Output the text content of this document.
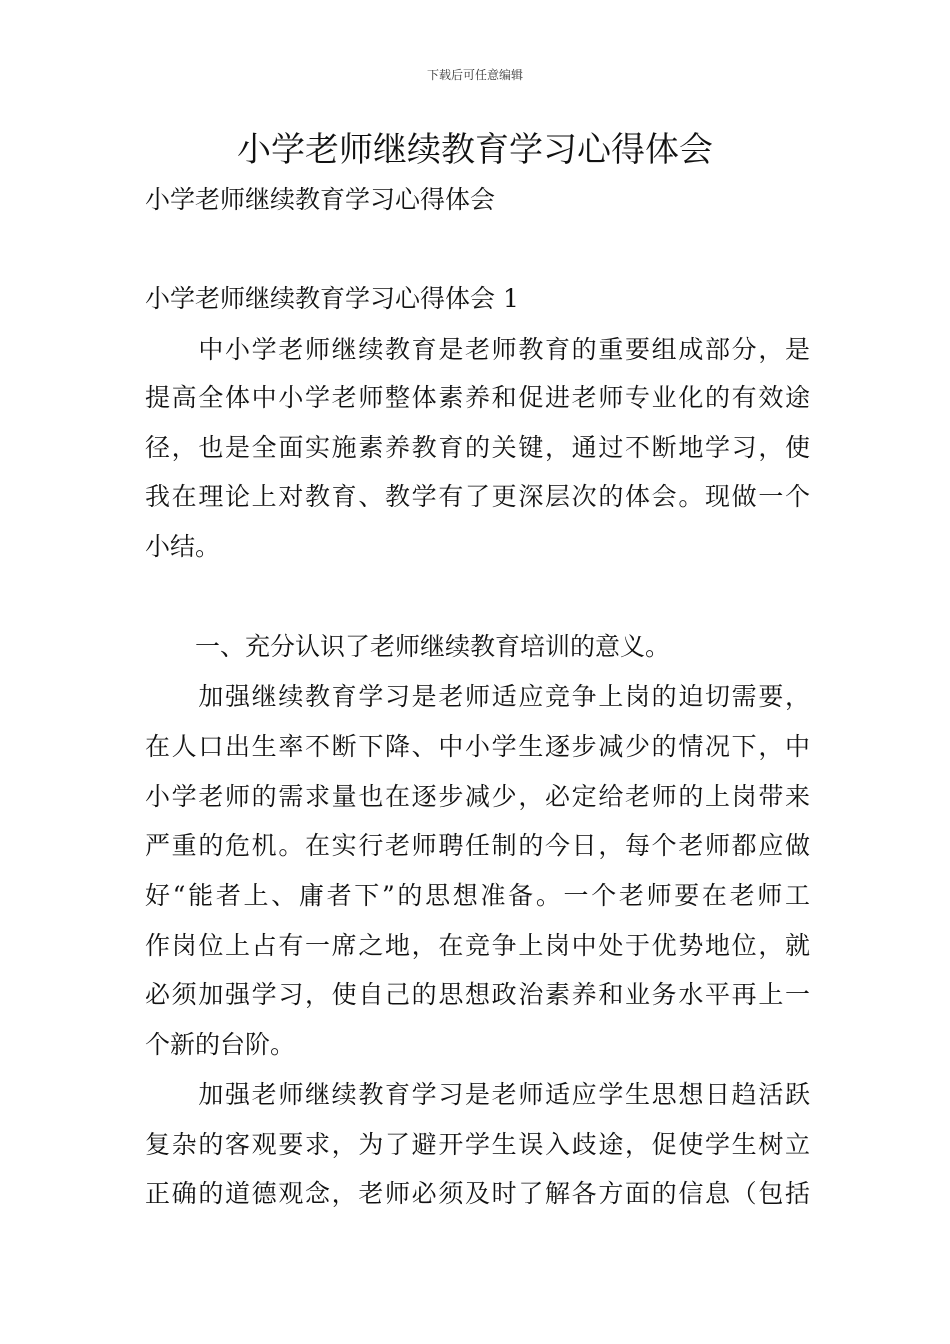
下载后可任意编辑
小学老师继续教育学习心得体会
小学老师继续教育学习心得体会
小学老师继续教育学习心得体会 1
　　中小学老师继续教育是老师教育的重要组成部分，是
提高全体中小学老师整体素养和促进老师专业化的有效途
径，也是全面实施素养教育的关键，通过不断地学习，使
我在理论上对教育、教学有了更深层次的体会。现做一个
小结。
　　一、充分认识了老师继续教育培训的意义。
　　加强继续教育学习是老师适应竞争上岗的迫切需要，
在人口出生率不断下降、中小学生逐步减少的情况下，中
小学老师的需求量也在逐步减少，必定给老师的上岗带来
严重的危机。在实行老师聘任制的今日，每个老师都应做
好“能者上、庸者下”的思想准备。一个老师要在老师工
作岗位上占有一席之地，在竞争上岗中处于优势地位，就
必须加强学习，使自己的思想政治素养和业务水平再上一
个新的台阶。
　　加强老师继续教育学习是老师适应学生思想日趋活跃
复杂的客观要求，为了避开学生误入歧途，促使学生树立
正确的道德观念，老师必须及时了解各方面的信息（包括
